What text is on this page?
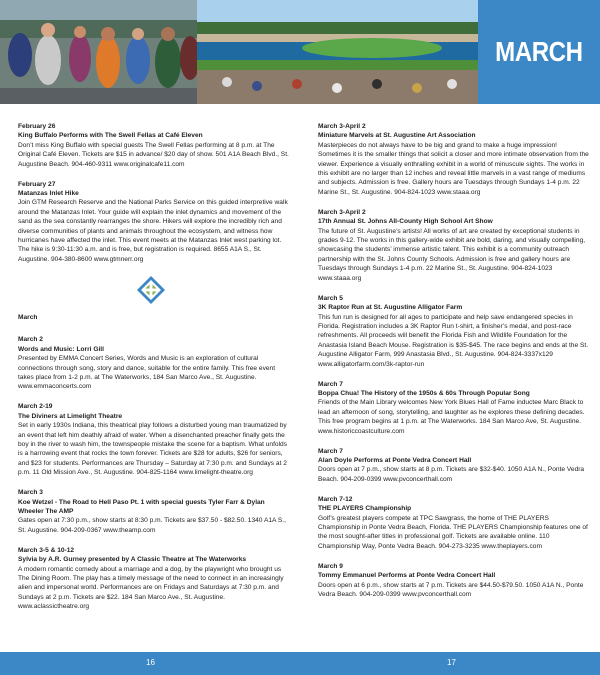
MARCH
February 26
King Buffalo Performs with The Swell Fellas at Café Eleven
Don’t miss King Buffalo with special guests The Swell Fellas performing at 8 p.m. at The Original Café Eleven. Tickets are $15 in advance/ $20 day of show. 501 A1A Beach Blvd., St. Augustine Beach. 904-460-9311 www.originalcafe11.com
February 27
Matanzas Inlet Hike
Join GTM Research Reserve and the National Parks Service on this guided interpretive walk around the Matanzas Inlet. Your guide will explain the inlet dynamics and movement of the sand as the sea constantly rearranges the shore. Hikers will explore the incredibly rich and diverse communities of plants and animals throughout the ecosystem, and witness how hurricanes have affected the inlet. This event meets at the Matanzas Inlet west parking lot. The hike is 9:30-11:30 a.m. and is free, but registration is required. 8655 A1A S., St. Augustine. 904-380-8600 www.gtmnerr.org
March
March 2
Words and Music: Lorri Gill
Presented by EMMA Concert Series, Words and Music is an exploration of cultural connections through song, story and dance, suitable for the entire family. This free event takes place from 1-2 p.m. at The Waterworks, 184 San Marco Ave., St. Augustine. www.emmaconcerts.com
March 2-19
The Diviners at Limelight Theatre
Set in early 1930s Indiana, this theatrical play follows a disturbed young man traumatized by an event that left him deathly afraid of water. When a disenchanted preacher finally gets the boy in the river to wash him, the townspeople mistake the scene for a baptism. What unfolds is a harrowing event that rocks the town forever. Tickets are $28 for adults, $26 for seniors, and $23 for students. Performances are Thursday – Saturday at 7:30 p.m. and Sundays at 2 p.m. 11 Old Mission Ave., St. Augustine. 904-825-1164 www.limelight-theatre.org
March 3
Koe Wetzel - The Road to Hell Paso Pt. 1 with special guests Tyler Farr & Dylan Wheeler The AMP
Gates open at 7:30 p.m., show starts at 8:30 p.m. Tickets are $37.50 - $82.50. 1340 A1A S., St. Augustine. 904-209-0367 www.theamp.com
March 3-5 & 10-12
Sylvia by A.R. Gurney presented by A Classic Theatre at The Waterworks
A modern romantic comedy about a marriage and a dog, by the playwright who brought us The Dining Room. The play has a timely message of the need to connect in an increasingly alien and impersonal world. Performances are on Fridays and Saturdays at 7:30 p.m. and Sundays at 2 p.m. Tickets are $22. 184 San Marco Ave., St. Augustine. www.aclassictheatre.org
March 3-April 2
Miniature Marvels at St. Augustine Art Association
Masterpieces do not always have to be big and grand to make a huge impression! Sometimes it is the smaller things that solicit a closer and more intimate observation from the viewer. Experience a visually enthralling exhibit in a world of minuscule sights. The works in this exhibit are no larger than 12 inches and reveal little marvels in a vast range of mediums and subjects. Admission is free. Gallery hours are Tuesdays through Sundays 1-4 p.m. 22 Marine St., St. Augustine. 904-824-1023 www.staaa.org
March 3-April 2
17th Annual St. Johns All-County High School Art Show
The future of St. Augustine’s artists! All works of art are created by exceptional students in grades 9-12. The works in this gallery-wide exhibit are bold, daring, and visually compelling, showcasing the students’ immense artistic talent. This exhibit is a community outreach partnership with the St. Johns County Schools. Admission is free and gallery hours are Tuesdays through Sundays 1-4 p.m. 22 Marine St., St. Augustine. 904-824-1023 www.staaa.org
March 5
3K Raptor Run at St. Augustine Alligator Farm
This fun run is designed for all ages to participate and help save endangered species in Florida. Registration includes a 3K Raptor Run t-shirt, a finisher’s medal, and post-race refreshments. All proceeds will benefit the Florida Fish and Wildlife Foundation for the Anastasia Island Beach Mouse. Registration is $35-$45. The race begins and ends at the St. Augustine Alligator Farm, 999 Anastasia Blvd., St. Augustine. 904-824-3337x129 www.alligatorfarm.com/3k-raptor-run
March 7
Boppa Chua! The History of the 1950s & 60s Through Popular Song
Friends of the Main Library welcomes New York Blues Hall of Fame inductee Marc Black to lead an afternoon of song, storytelling, and laughter as he explores these defining decades. This free program begins at 1 p.m. at The Waterworks. 184 San Marco Ave, St. Augustine. www.historiccoastculture.com
March 7
Alan Doyle Performs at Ponte Vedra Concert Hall
Doors open at 7 p.m., show starts at 8 p.m. Tickets are $32-$40. 1050 A1A N., Ponte Vedra Beach. 904-209-0399 www.pvconcerthall.com
March 7-12
THE PLAYERS Championship
Golf’s greatest players compete at TPC Sawgrass, the home of THE PLAYERS Championship in Ponte Vedra Beach, Florida. THE PLAYERS Championship features one of the most sought-after titles in professional golf. Tickets are available online. 110 Championship Way, Ponte Vedra Beach. 904-273-3235 www.theplayers.com
March 9
Tommy Emmanuel Performs at Ponte Vedra Concert Hall
Doors open at 6 p.m., show starts at 7 p.m. Tickets are $44.50-$79.50. 1050 A1A N., Ponte Vedra Beach. 904-209-0399 www.pvconcerthall.com
16	17
